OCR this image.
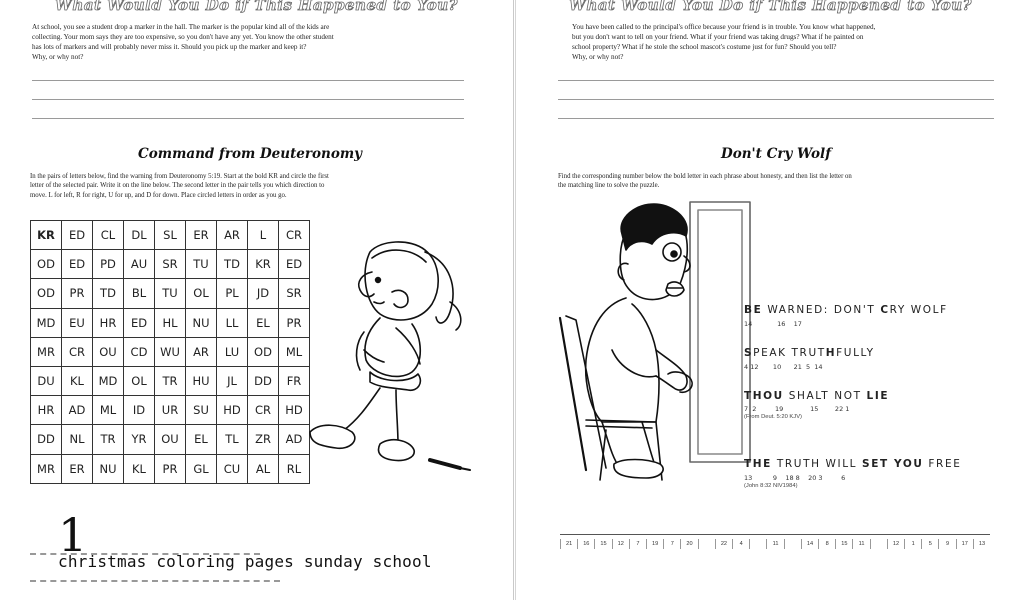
What Would You Do if This Happened to You?
At school, you see a student drop a marker in the hall. The marker is the popular kind all of the kids are
collecting. Your mom says they are too expensive, so you don't have any yet. You know the other student
has lots of markers and will probably never miss it. Should you pick up the marker and keep it?
Why, or why not?
Command from Deuteronomy
In the pairs of letters below, find the warning from Deuteronomy 5:19. Start at the bold KR and circle the first
letter of the selected pair. Write it on the line below. The second letter in the pair tells you which direction to
move. L for left, R for right, U for up, and D for down. Place circled letters in order as you go.
KR	ED	CL	DL	SL	ER	AR	L	CR
OD	ED	PD	AU	SR	TU	TD	KR	ED
OD	PR	TD	BL	TU	OL	PL	JD	SR
MD	EU	HR	ED	HL	NU	LL	EL	PR
MR	CR	OU	CD	WU	AR	LU	OD	ML
DU	KL	MD	OL	TR	HU	JL	DD	FR
HR	AD	ML	ID	UR	SU	HD	CR	HD
DD	NL	TR	YR	OU	EL	TL	ZR	AD
MR	ER	NU	KL	PR	GL	CU	AL	RL
What Would You Do if This Happened to You?
You have been called to the principal's office because your friend is in trouble. You know what happened,
but you don't want to tell on your friend. What if your friend was taking drugs? What if he painted on
school property? What if he stole the school mascot's costume just for fun? Should you tell?
Why, or why not?
Don't Cry Wolf
Find the corresponding number below the bold letter in each phrase about honesty, and then list the letter on
the matching line to solve the puzzle.
BE WARNED: DON'T CRY WOLF
14            16    17
SPEAK TRUTHFULLY
4 12       10      21  5  14
THOU SHALT NOT LIE
7  2         19             15        22 1
(From Deut. 5:20 KJV)
THE TRUTH WILL SET YOU FREE
13          9    18 8    20 3         6
(John 8:32 NIV1984)
21	16	15	12	7	19	7	20	22	4	11	14	8	15	11	12	1	5	9	17	13
1
christmas coloring pages sunday school
